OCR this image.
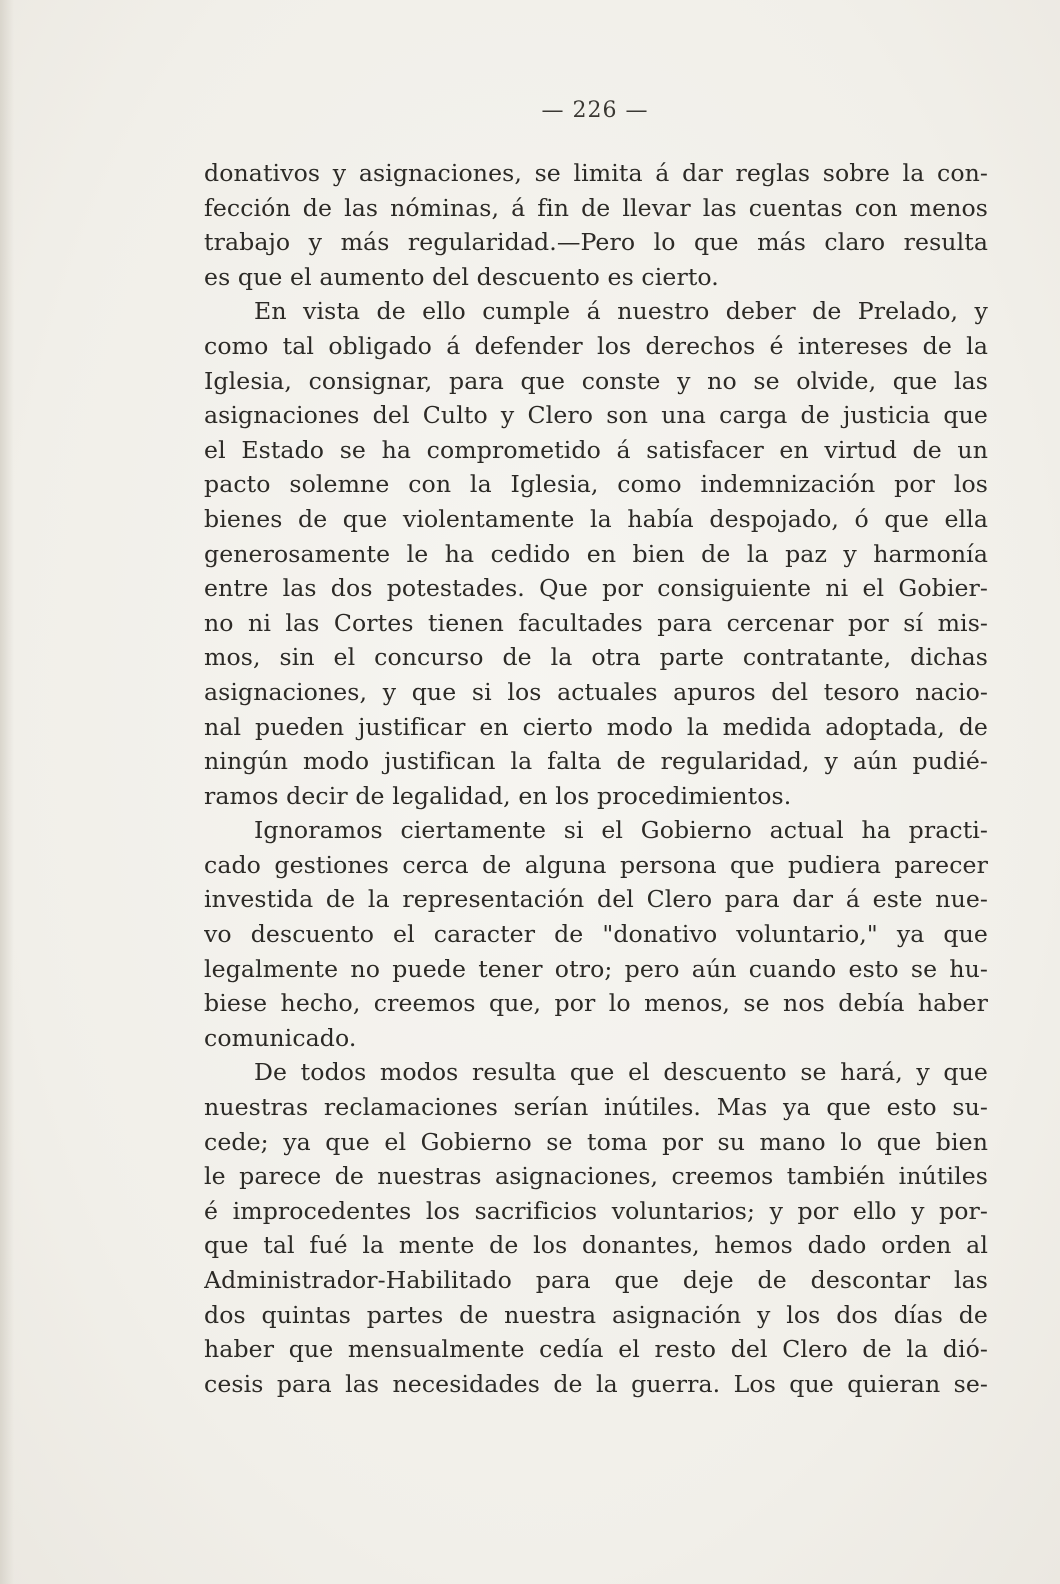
— 226 —
donativos y asignaciones, se limita á dar reglas sobre la con-
fección de las nóminas, á fin de llevar las cuentas con menos
trabajo y más regularidad.—Pero lo que más claro resulta
es que el aumento del descuento es cierto.
En vista de ello cumple á nuestro deber de Prelado, y
como tal obligado á defender los derechos é intereses de la
Iglesia, consignar, para que conste y no se olvide, que las
asignaciones del Culto y Clero son una carga de justicia que
el Estado se ha comprometido á satisfacer en virtud de un
pacto solemne con la Iglesia, como indemnización por los
bienes de que violentamente la había despojado, ó que ella
generosamente le ha cedido en bien de la paz y harmonía
entre las dos potestades. Que por consiguiente ni el Gobier-
no ni las Cortes tienen facultades para cercenar por sí mis-
mos, sin el concurso de la otra parte contratante, dichas
asignaciones, y que si los actuales apuros del tesoro nacio-
nal pueden justificar en cierto modo la medida adoptada, de
ningún modo justifican la falta de regularidad, y aún pudié-
ramos decir de legalidad, en los procedimientos.
Ignoramos ciertamente si el Gobierno actual ha practi-
cado gestiones cerca de alguna persona que pudiera parecer
investida de la representación del Clero para dar á este nue-
vo descuento el caracter de "donativo voluntario," ya que
legalmente no puede tener otro; pero aún cuando esto se hu-
biese hecho, creemos que, por lo menos, se nos debía haber
comunicado.
De todos modos resulta que el descuento se hará, y que
nuestras reclamaciones serían inútiles. Mas ya que esto su-
cede; ya que el Gobierno se toma por su mano lo que bien
le parece de nuestras asignaciones, creemos también inútiles
é improcedentes los sacrificios voluntarios; y por ello y por-
que tal fué la mente de los donantes, hemos dado orden al
Administrador-Habilitado para que deje de descontar las
dos quintas partes de nuestra asignación y los dos días de
haber que mensualmente cedía el resto del Clero de la dió-
cesis para las necesidades de la guerra. Los que quieran se-
